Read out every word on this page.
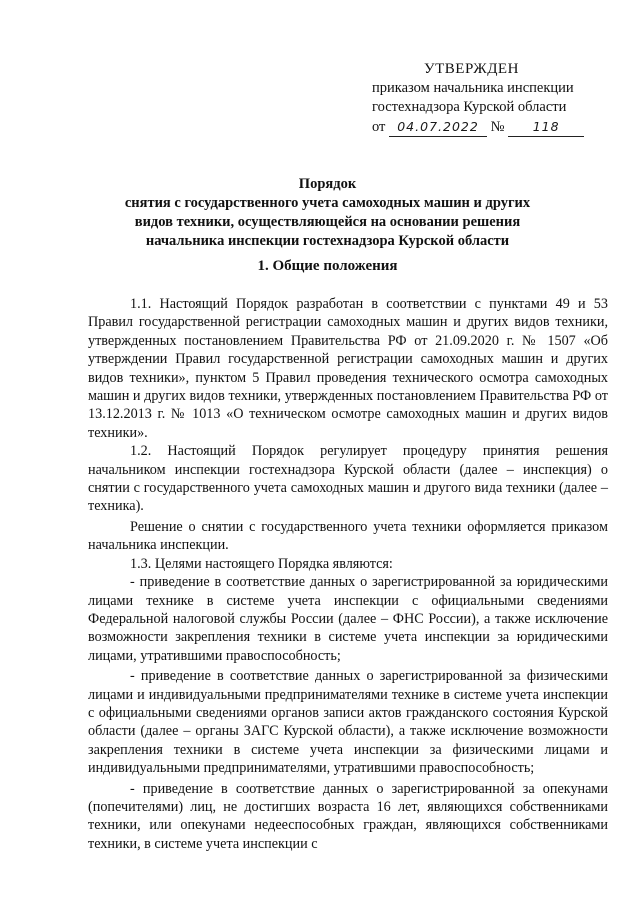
УТВЕРЖДЕН
приказом начальника инспекции
гостехнадзора Курской области
от 04.07.2022 № 118
Порядок
снятия с государственного учета самоходных машин и других
видов техники, осуществляющейся на основании решения
начальника инспекции гостехнадзора Курской области
1. Общие положения

1.1. Настоящий Порядок разработан в соответствии с пунктами 49 и 53 Правил государственной регистрации самоходных машин и других видов техники, утвержденных постановлением Правительства РФ от 21.09.2020 г. № 1507 «Об утверждении Правил государственной регистрации самоходных машин и других видов техники», пунктом 5 Правил проведения технического осмотра самоходных машин и других видов техники, утвержденных постановлением Правительства РФ от 13.12.2013 г. № 1013 «О техническом осмотре самоходных машин и других видов техники».

1.2. Настоящий Порядок регулирует процедуру принятия решения начальником инспекции гостехнадзора Курской области (далее – инспекция) о снятии с государственного учета самоходных машин и другого вида техники (далее – техника).

Решение о снятии с государственного учета техники оформляется приказом начальника инспекции.

1.3. Целями настоящего Порядка являются:

- приведение в соответствие данных о зарегистрированной за юридическими лицами технике в системе учета инспекции с официальными сведениями Федеральной налоговой службы России (далее – ФНС России), а также исключение возможности закрепления техники в системе учета инспекции за юридическими лицами, утратившими правоспособность;

- приведение в соответствие данных о зарегистрированной за физическими лицами и индивидуальными предпринимателями технике в системе учета инспекции с официальными сведениями органов записи актов гражданского состояния Курской области (далее – органы ЗАГС Курской области), а также исключение возможности закрепления техники в системе учета инспекции за физическими лицами и индивидуальными предпринимателями, утратившими правоспособность;

- приведение в соответствие данных о зарегистрированной за опекунами (попечителями) лиц, не достигших возраста 16 лет, являющихся собственниками техники, или опекунами недееспособных граждан, являющихся собственниками техники, в системе учета инспекции с
